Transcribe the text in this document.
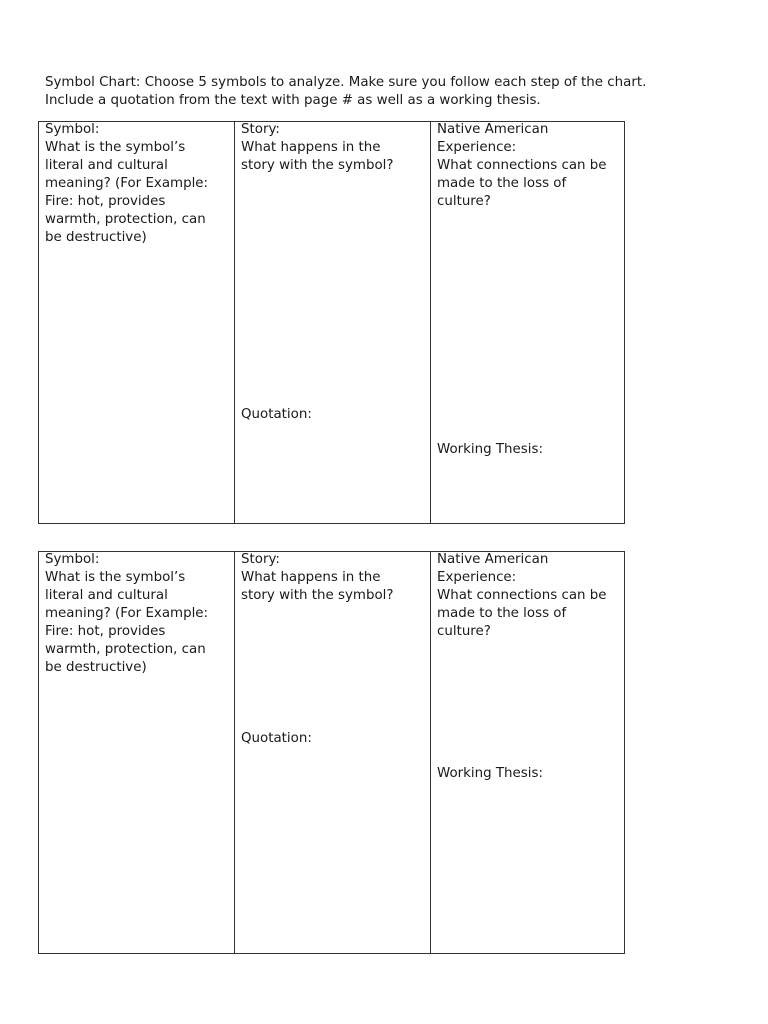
Symbol Chart: Choose 5 symbols to analyze. Make sure you follow each step of the chart.
Include a quotation from the text with page # as well as a working thesis.
Symbol:
What is the symbol’s
literal and cultural
meaning? (For Example:
Fire: hot, provides
warmth, protection, can
be destructive)
Story:
What happens in the
story with the symbol?
Quotation:
Native American
Experience:
What connections can be
made to the loss of
culture?
Working Thesis:
Symbol:
What is the symbol’s
literal and cultural
meaning? (For Example:
Fire: hot, provides
warmth, protection, can
be destructive)
Story:
What happens in the
story with the symbol?
Quotation:
Native American
Experience:
What connections can be
made to the loss of
culture?
Working Thesis:
